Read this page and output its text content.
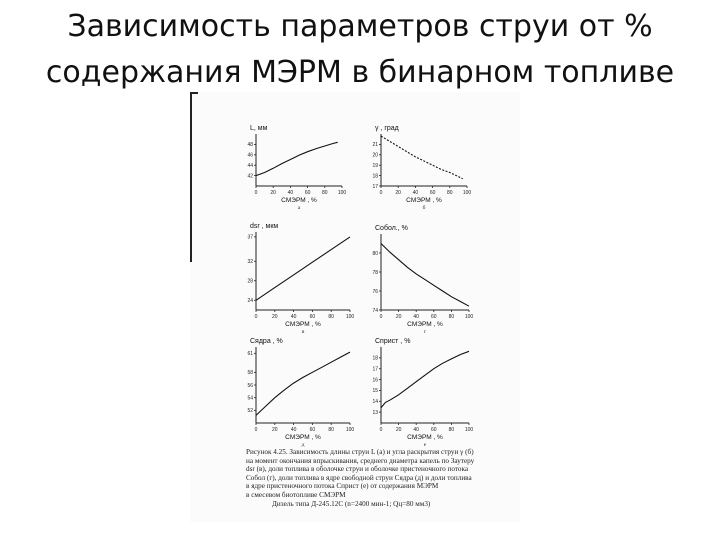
Зависимость параметров струи от %
содержания МЭРМ в бинарном топливе
0	20 40 60 80 100
42
44
46
48
L, мм
CМЭРМ , %
а
0	20 40 60 80 100
17
18
19
20
21
γ , град
CМЭРМ , %
б
0	20	40	60	80 100
24
28
32
37
dsr , мкм
CМЭРМ , %
в
0	20 40 60 80 100
74
76
78
80
Cобол., %
CМЭРМ , %
г
0	20	40	60	80 100
52
54
56
58
61
Cядра , %
CМЭРМ , %
д
0	20 40 60 80 100
13
14
15
16
17
18
Cприст , %
CМЭРМ , %
е
Рисунок 4.25. Зависимость длины струи L (а) и угла раскрытия струи γ (б)
на момент окончания впрыскивания, среднего диаметра капель по Заутеру
dsr (в), доли топлива в оболочке струи и оболочке пристеночного потока
Cобол (г), доли топлива в ядре свободной струи Cядра (д) и доли топлива
в ядре пристеночного потока Cприст (е) от содержания МЭРМ
в смесевом биотопливе CМЭРМ
Дизель типа Д-245.12С (n=2400 мин-1; Qц=80 мм3)
